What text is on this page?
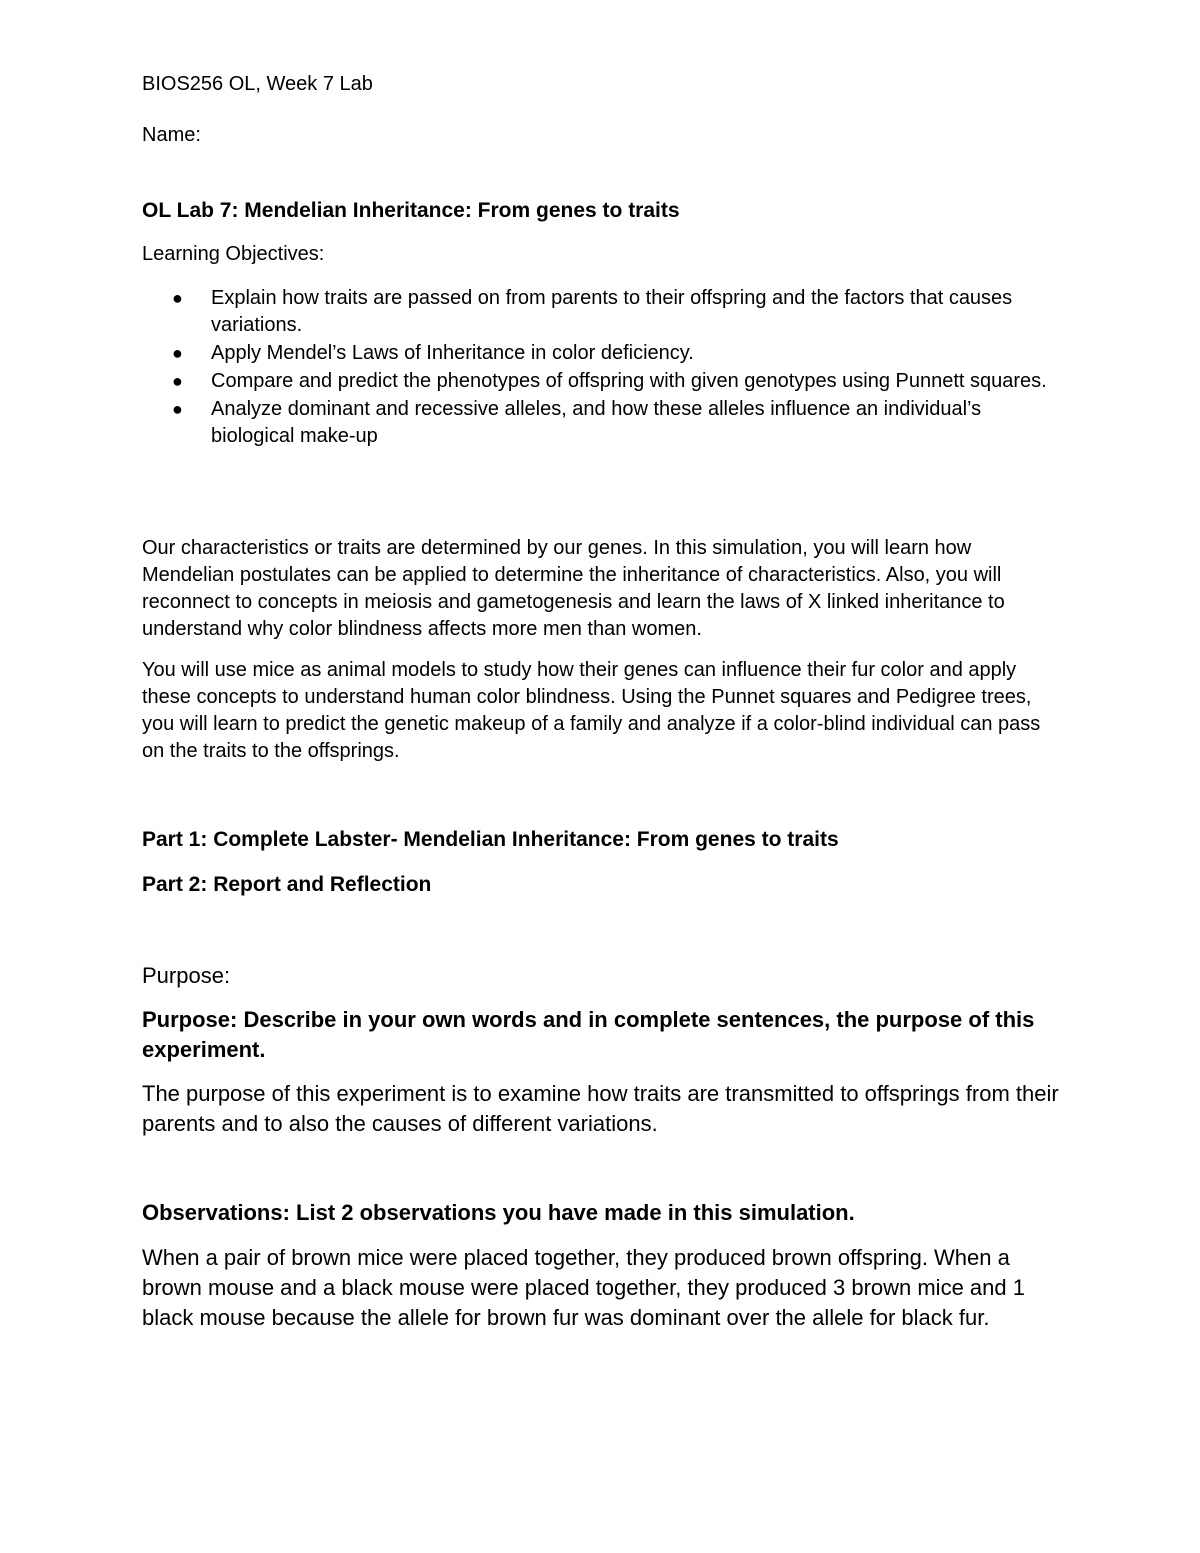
BIOS256 OL, Week 7 Lab

Name:

OL Lab 7: Mendelian Inheritance: From genes to traits

Learning Objectives:

● Explain how traits are passed on from parents to their offspring and the factors that causes variations.
● Apply Mendel’s Laws of Inheritance in color deficiency.
● Compare and predict the phenotypes of offspring with given genotypes using Punnett squares.
● Analyze dominant and recessive alleles, and how these alleles influence an individual’s biological make-up

Our characteristics or traits are determined by our genes. In this simulation, you will learn how Mendelian postulates can be applied to determine the inheritance of characteristics. Also, you will reconnect to concepts in meiosis and gametogenesis and learn the laws of X linked inheritance to understand why color blindness affects more men than women.

You will use mice as animal models to study how their genes can influence their fur color and apply these concepts to understand human color blindness. Using the Punnet squares and Pedigree trees, you will learn to predict the genetic makeup of a family and analyze if a color-blind individual can pass on the traits to the offsprings.

Part 1: Complete Labster- Mendelian Inheritance: From genes to traits

Part 2: Report and Reflection

Purpose:

Purpose: Describe in your own words and in complete sentences, the purpose of this experiment.

The purpose of this experiment is to examine how traits are transmitted to offsprings from their parents and to also the causes of different variations.

Observations: List 2 observations you have made in this simulation.

When a pair of brown mice were placed together, they produced brown offspring. When a brown mouse and a black mouse were placed together, they produced 3 brown mice and 1 black mouse because the allele for brown fur was dominant over the allele for black fur.
